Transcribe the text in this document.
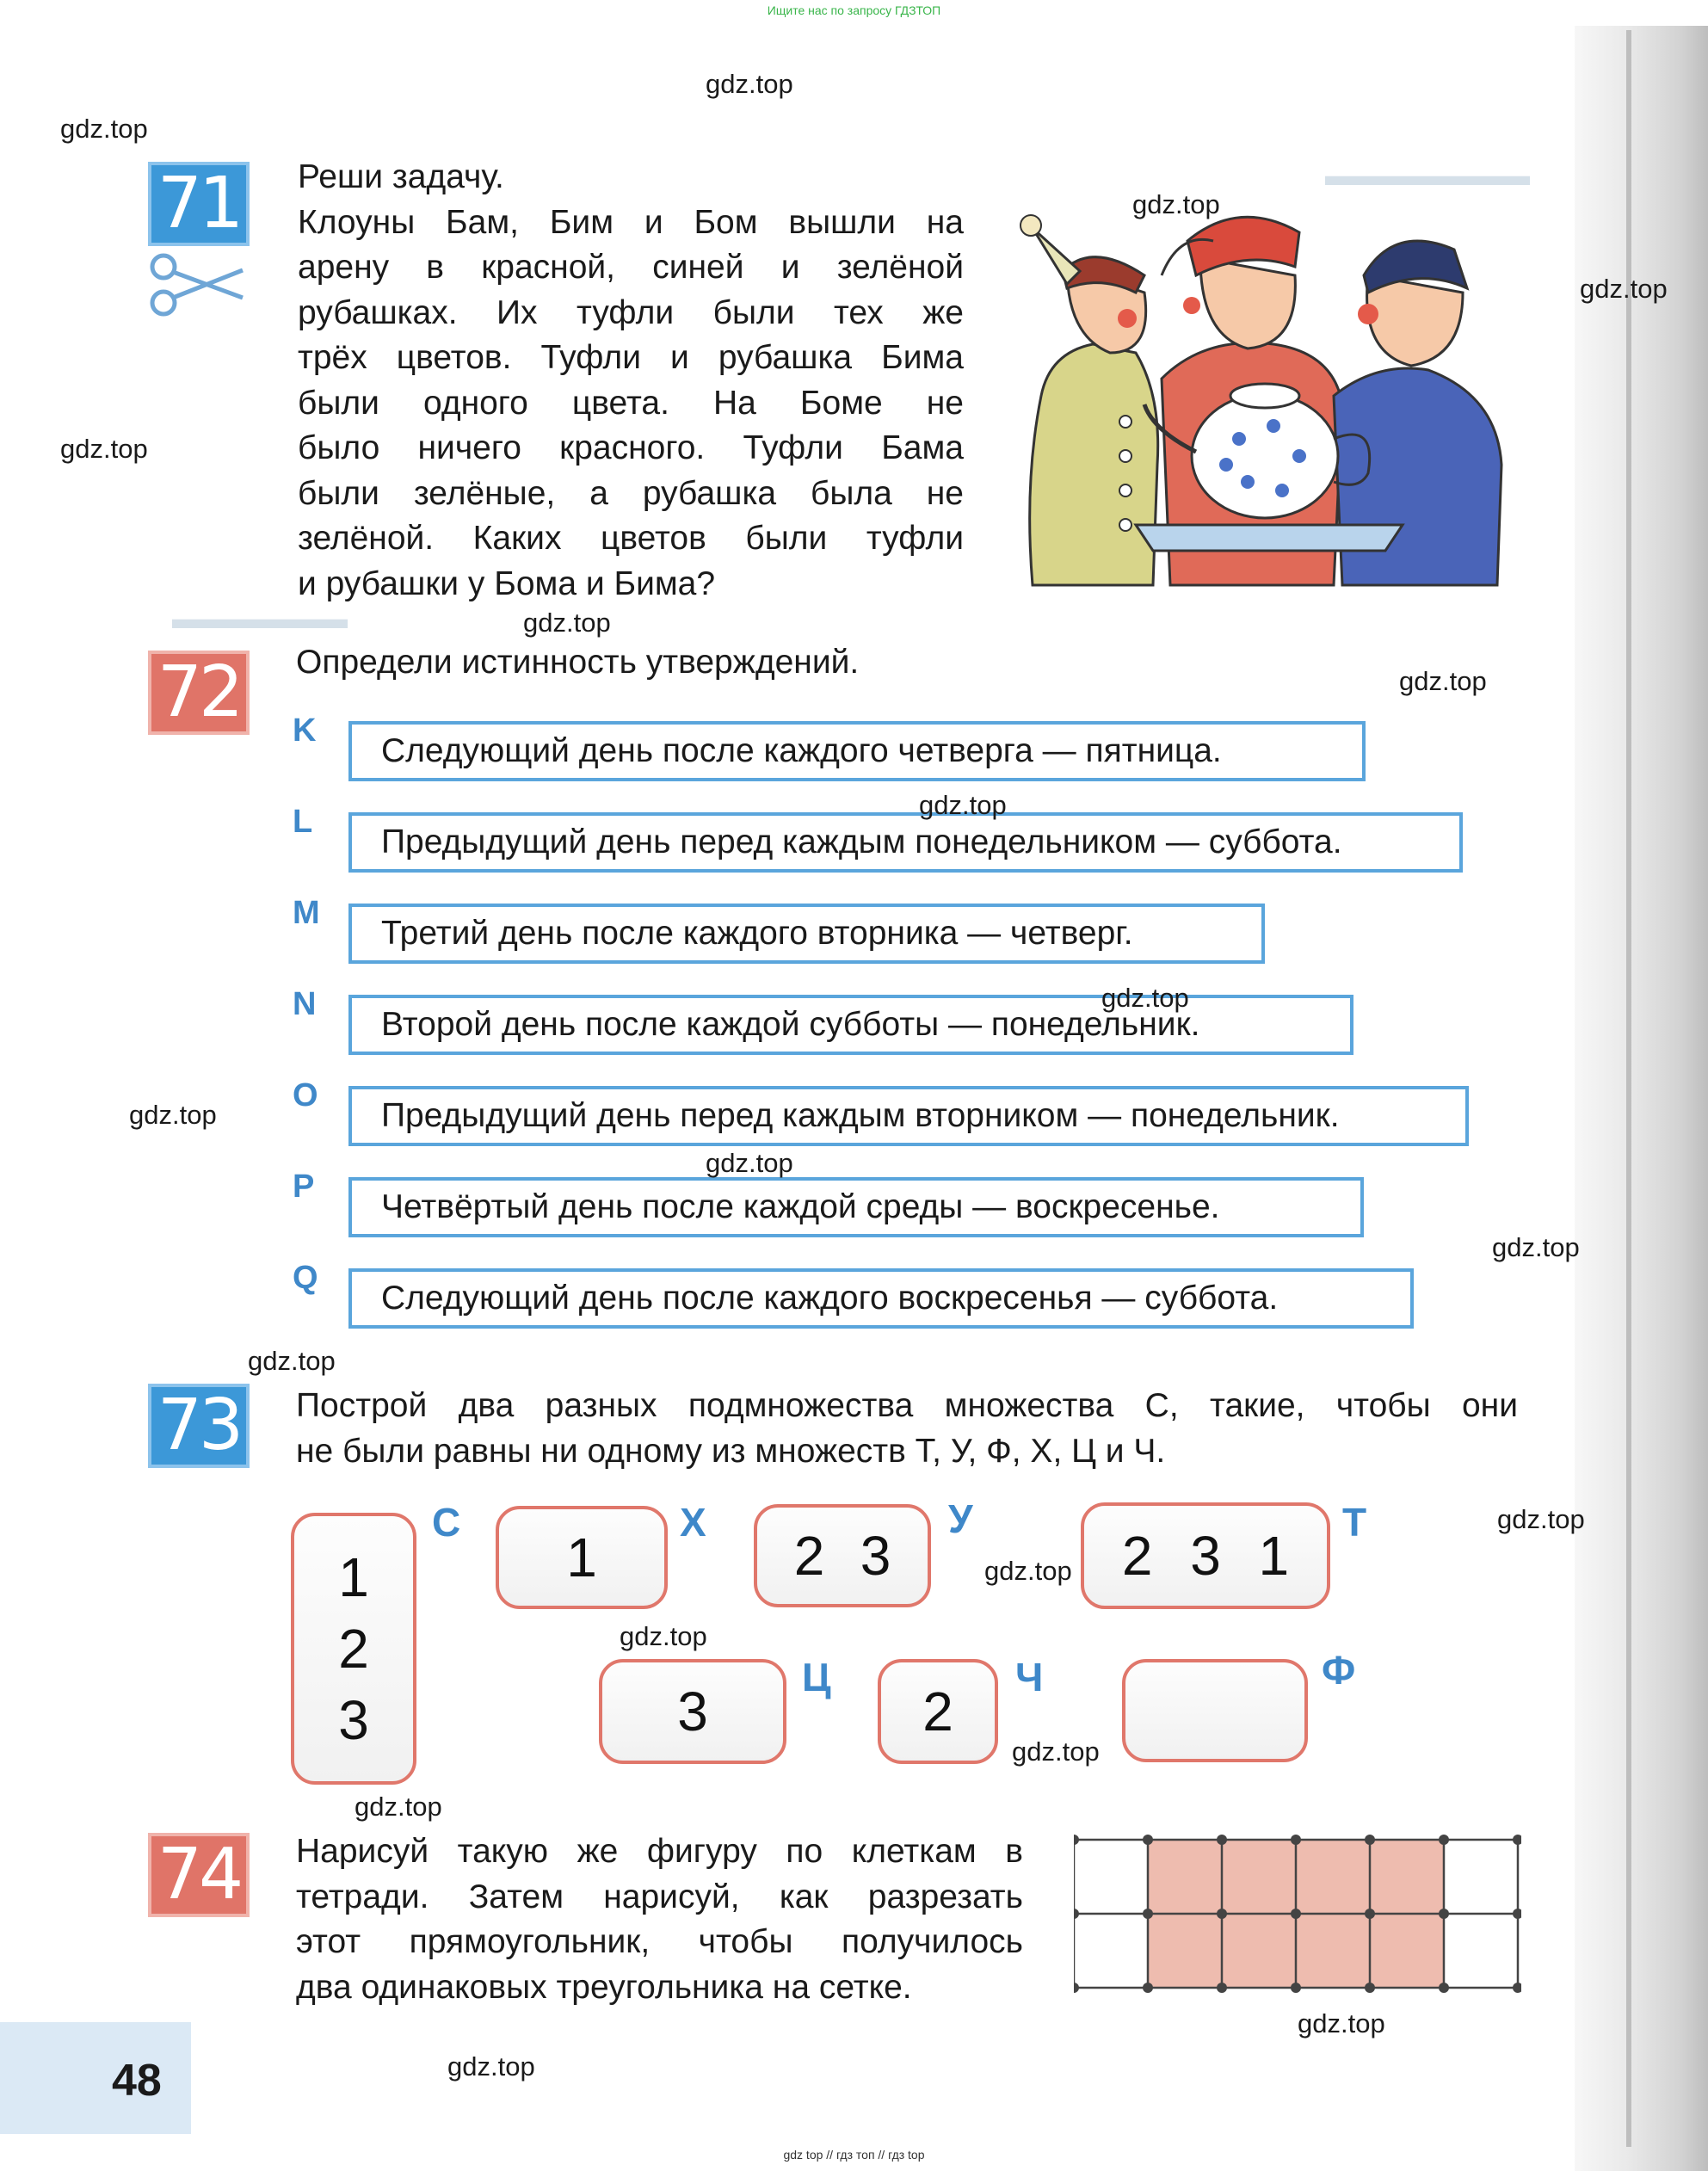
Ищите нас по запросу ГДЗТОП
gdz top // гдз топ // гдз top
▬▬▬▬▬▬▬
▬▬▬▬▬▬
71 Реши задачу.
Клоуны Бам, Бим и Бом вышли на
арену в красной, синей и зелёной
рубашках. Их туфли были тех же
трёх цветов. Туфли и рубашка Бима
были одного цвета. На Боме не
было ничего красного. Туфли Бама
были зелёные, а рубашка была не
зелёной. Каких цветов были туфли
и рубашки у Бома и Бима?
72 Определи истинность утверждений.
K
Следующий день после каждого четверга — пятница.
L
Предыдущий день перед каждым понедельником — суббота.
M
Третий день после каждого вторника — четверг.
N
Второй день после каждой субботы — понедельник.
O
Предыдущий день перед каждым вторником — понедельник.
P
Четвёртый день после каждой среды — воскресенье.
Q
Следующий день после каждого воскресенья — суббота.
73 Построй два разных подмножества множества С, такие, чтобы они
не были равны ни одному из множеств Т, У, Ф, Х, Ц и Ч.
1
2
3
С
1
Х
2 3
У
2 3 1
Т
3
Ц
2
Ч	Ф
74 Нарисуй такую же фигуру по клеткам в
тетради. Затем нарисуй, как разрезать
этот прямоугольник, чтобы получилось
два одинаковых треугольника на сетке.
48
gdz.top
gdz.top
gdz.top
gdz.top
gdz.top
gdz.top
gdz.top
gdz.top
gdz.top
gdz.top
gdz.top
gdz.top
gdz.top
gdz.top
gdz.top
gdz.top
gdz.top
gdz.top
gdz.top
gdz.top
